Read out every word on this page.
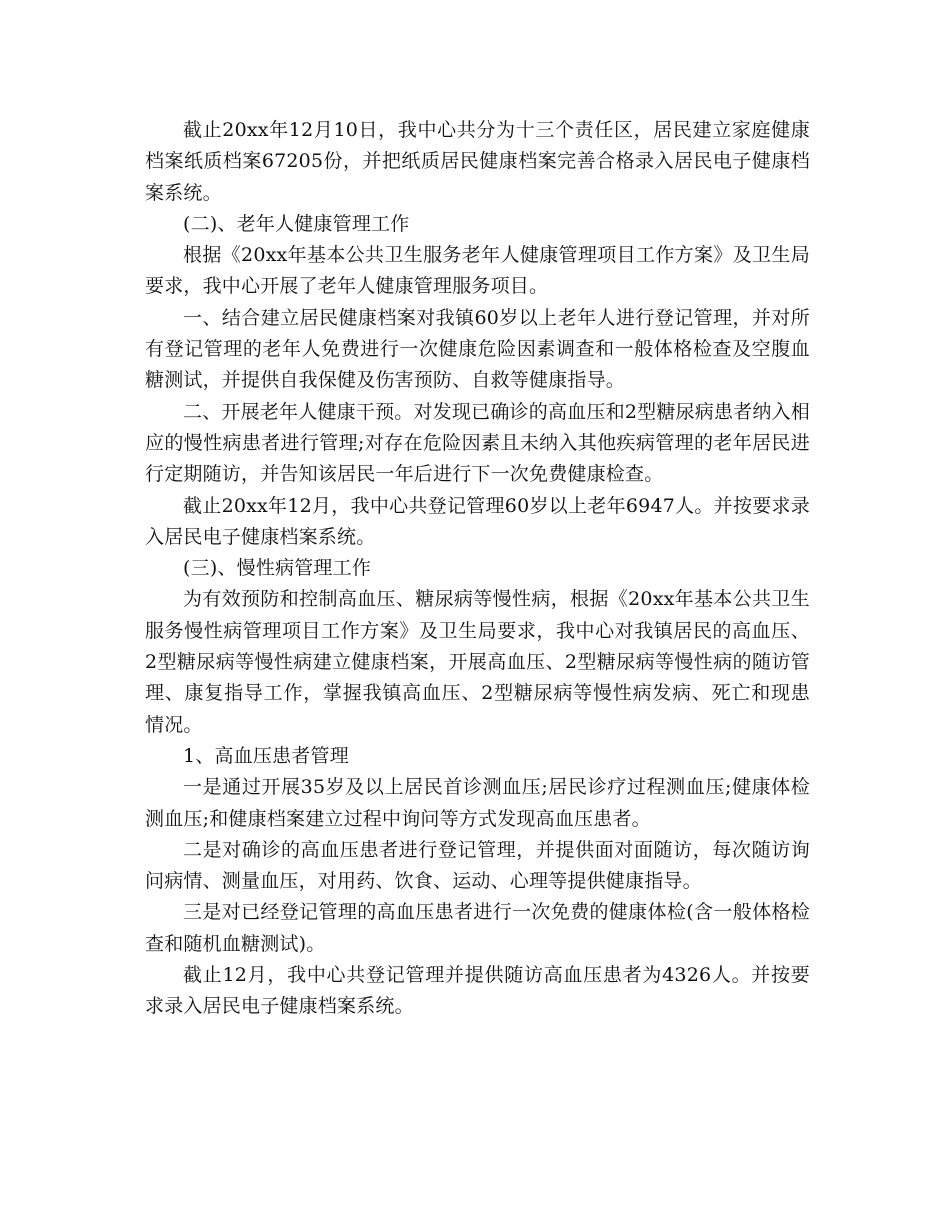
截止20xx年12月10日，我中心共分为十三个责任区，居民建立家庭健康档案纸质档案67205份，并把纸质居民健康档案完善合格录入居民电子健康档案系统。

(二)、老年人健康管理工作

根据《20xx年基本公共卫生服务老年人健康管理项目工作方案》及卫生局要求，我中心开展了老年人健康管理服务项目。

一、结合建立居民健康档案对我镇60岁以上老年人进行登记管理，并对所有登记管理的老年人免费进行一次健康危险因素调查和一般体格检查及空腹血糖测试，并提供自我保健及伤害预防、自救等健康指导。

二、开展老年人健康干预。对发现已确诊的高血压和2型糖尿病患者纳入相应的慢性病患者进行管理;对存在危险因素且未纳入其他疾病管理的老年居民进行定期随访，并告知该居民一年后进行下一次免费健康检查。

截止20xx年12月，我中心共登记管理60岁以上老年6947人。并按要求录入居民电子健康档案系统。

(三)、慢性病管理工作

为有效预防和控制高血压、糖尿病等慢性病，根据《20xx年基本公共卫生服务慢性病管理项目工作方案》及卫生局要求，我中心对我镇居民的高血压、2型糖尿病等慢性病建立健康档案，开展高血压、2型糖尿病等慢性病的随访管理、康复指导工作，掌握我镇高血压、2型糖尿病等慢性病发病、死亡和现患情况。

1、高血压患者管理

一是通过开展35岁及以上居民首诊测血压;居民诊疗过程测血压;健康体检测血压;和健康档案建立过程中询问等方式发现高血压患者。

二是对确诊的高血压患者进行登记管理，并提供面对面随访，每次随访询问病情、测量血压，对用药、饮食、运动、心理等提供健康指导。

三是对已经登记管理的高血压患者进行一次免费的健康体检(含一般体格检查和随机血糖测试)。

截止12月，我中心共登记管理并提供随访高血压患者为4326人。并按要求录入居民电子健康档案系统。
